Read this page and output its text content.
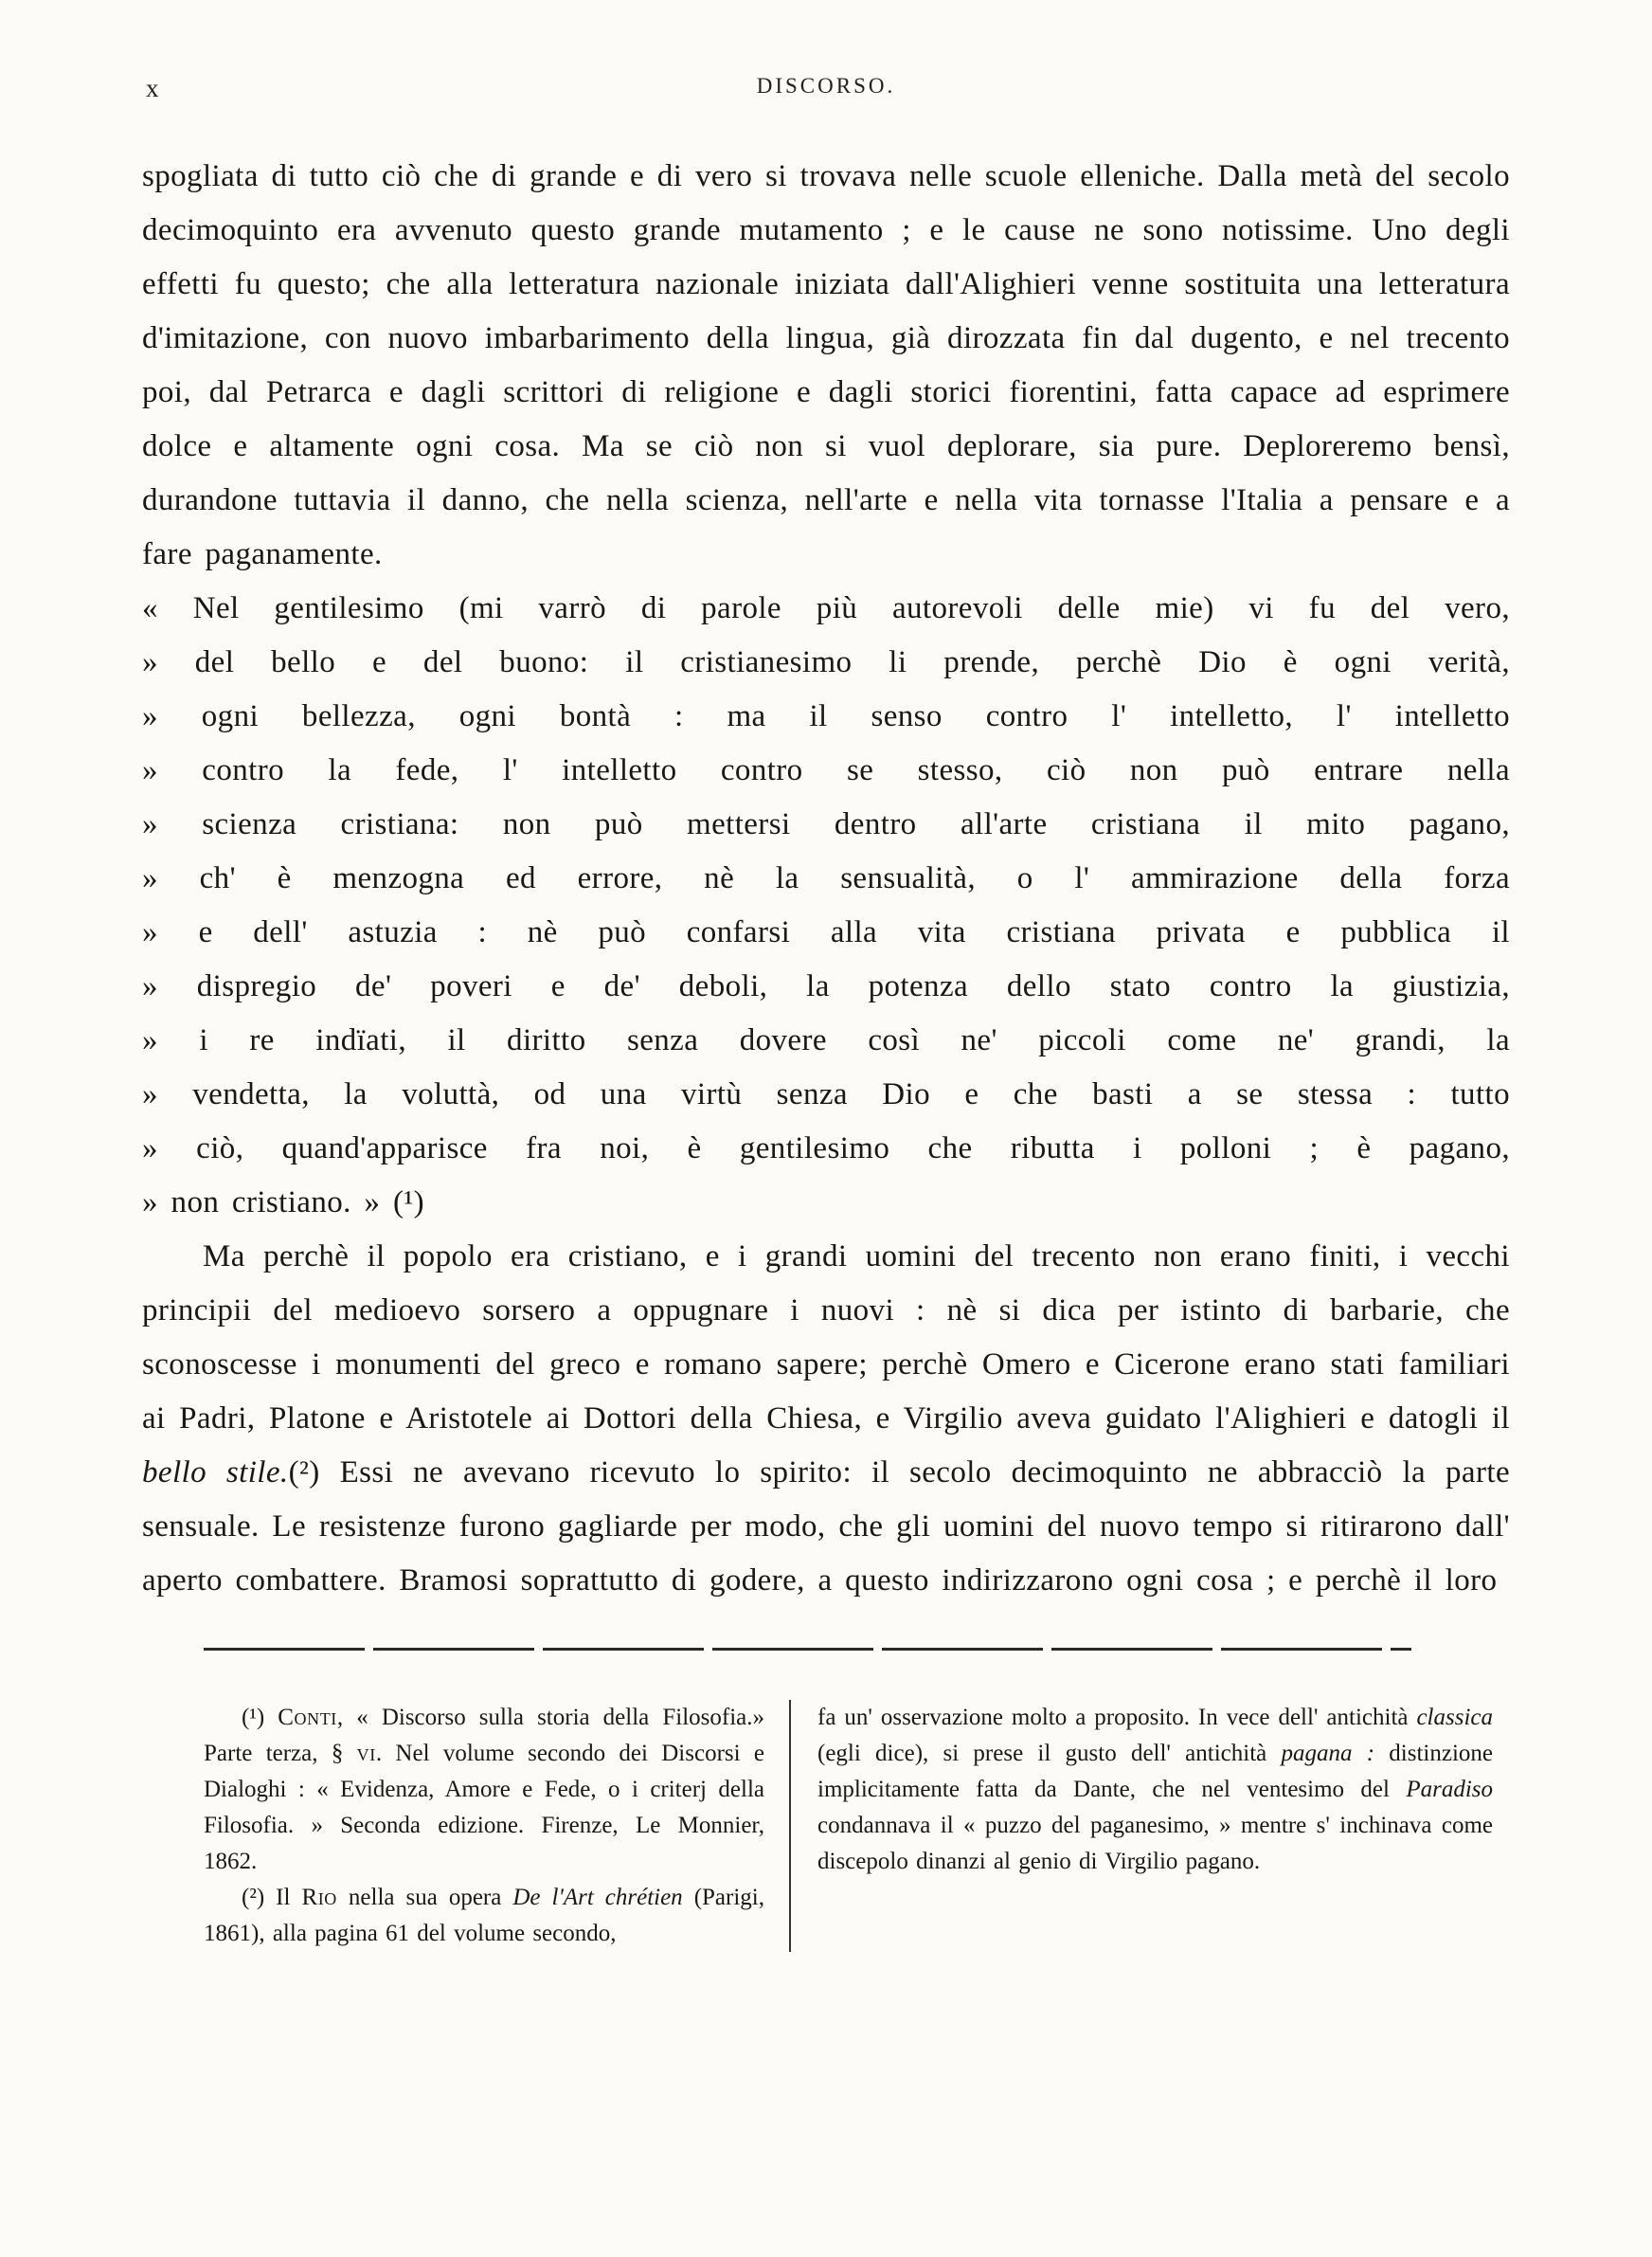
x	DISCORSO.

spogliata di tutto ciò che di grande e di vero si trovava nelle scuole elleniche. Dalla metà del secolo decimoquinto era avvenuto questo grande mutamento ; e le cause ne sono notissime. Uno degli effetti fu questo; che alla letteratura nazionale iniziata dall'Alighieri venne sostituita una letteratura d'imitazione, con nuovo imbarbarimento della lingua, già dirozzata fin dal dugento, e nel trecento poi, dal Petrarca e dagli scrittori di religione e dagli storici fiorentini, fatta capace ad esprimere dolce e altamente ogni cosa. Ma se ciò non si vuol deplorare, sia pure. Deploreremo bensì, durandone tuttavia il danno, che nella scienza, nell'arte e nella vita tornasse l'Italia a pensare e a fare paganamente.

« Nel gentilesimo (mi varrò di parole più autorevoli delle mie) vi fu del vero,
» del bello e del buono: il cristianesimo li prende, perchè Dio è ogni verità,
» ogni bellezza, ogni bontà : ma il senso contro l' intelletto, l' intelletto
» contro la fede, l' intelletto contro se stesso, ciò non può entrare nella
» scienza cristiana: non può mettersi dentro all'arte cristiana il mito pagano,
» ch' è menzogna ed errore, nè la sensualità, o l' ammirazione della forza
» e dell' astuzia : nè può confarsi alla vita cristiana privata e pubblica il
» dispregio de' poveri e de' deboli, la potenza dello stato contro la giustizia,
» i re indïati, il diritto senza dovere così ne' piccoli come ne' grandi, la
» vendetta, la voluttà, od una virtù senza Dio e che basti a se stessa : tutto
» ciò, quand'apparisce fra noi, è gentilesimo che ributta i polloni ; è pagano,
» non cristiano. » (¹)

Ma perchè il popolo era cristiano, e i grandi uomini del trecento non erano finiti, i vecchi principii del medioevo sorsero a oppugnare i nuovi : nè si dica per istinto di barbarie, che sconoscesse i monumenti del greco e romano sapere; perchè Omero e Cicerone erano stati familiari ai Padri, Platone e Aristotele ai Dottori della Chiesa, e Virgilio aveva guidato l'Alighieri e datogli il bello stile.(²) Essi ne avevano ricevuto lo spirito: il secolo decimoquinto ne abbracciò la parte sensuale. Le resistenze furono gagliarde per modo, che gli uomini del nuovo tempo si ritirarono dall' aperto combattere. Bramosi soprattutto di godere, a questo indirizzarono ogni cosa ; e perchè il loro

(¹) Conti, « Discorso sulla storia della Filosofia.» Parte terza, § vi. Nel volume secondo dei Discorsi e Dialoghi : « Evidenza, Amore e Fede, o i criterj della Filosofia. » Seconda edizione. Firenze, Le Monnier, 1862.

(²) Il Rio nella sua opera De l'Art chrétien (Parigi, 1861), alla pagina 61 del volume secondo,

fa un' osservazione molto a proposito. In vece dell' antichità classica (egli dice), si prese il gusto dell' antichità pagana : distinzione implicitamente fatta da Dante, che nel ventesimo del Paradiso condannava il « puzzo del paganesimo, » mentre s' inchinava come discepolo dinanzi al genio di Virgilio pagano.
